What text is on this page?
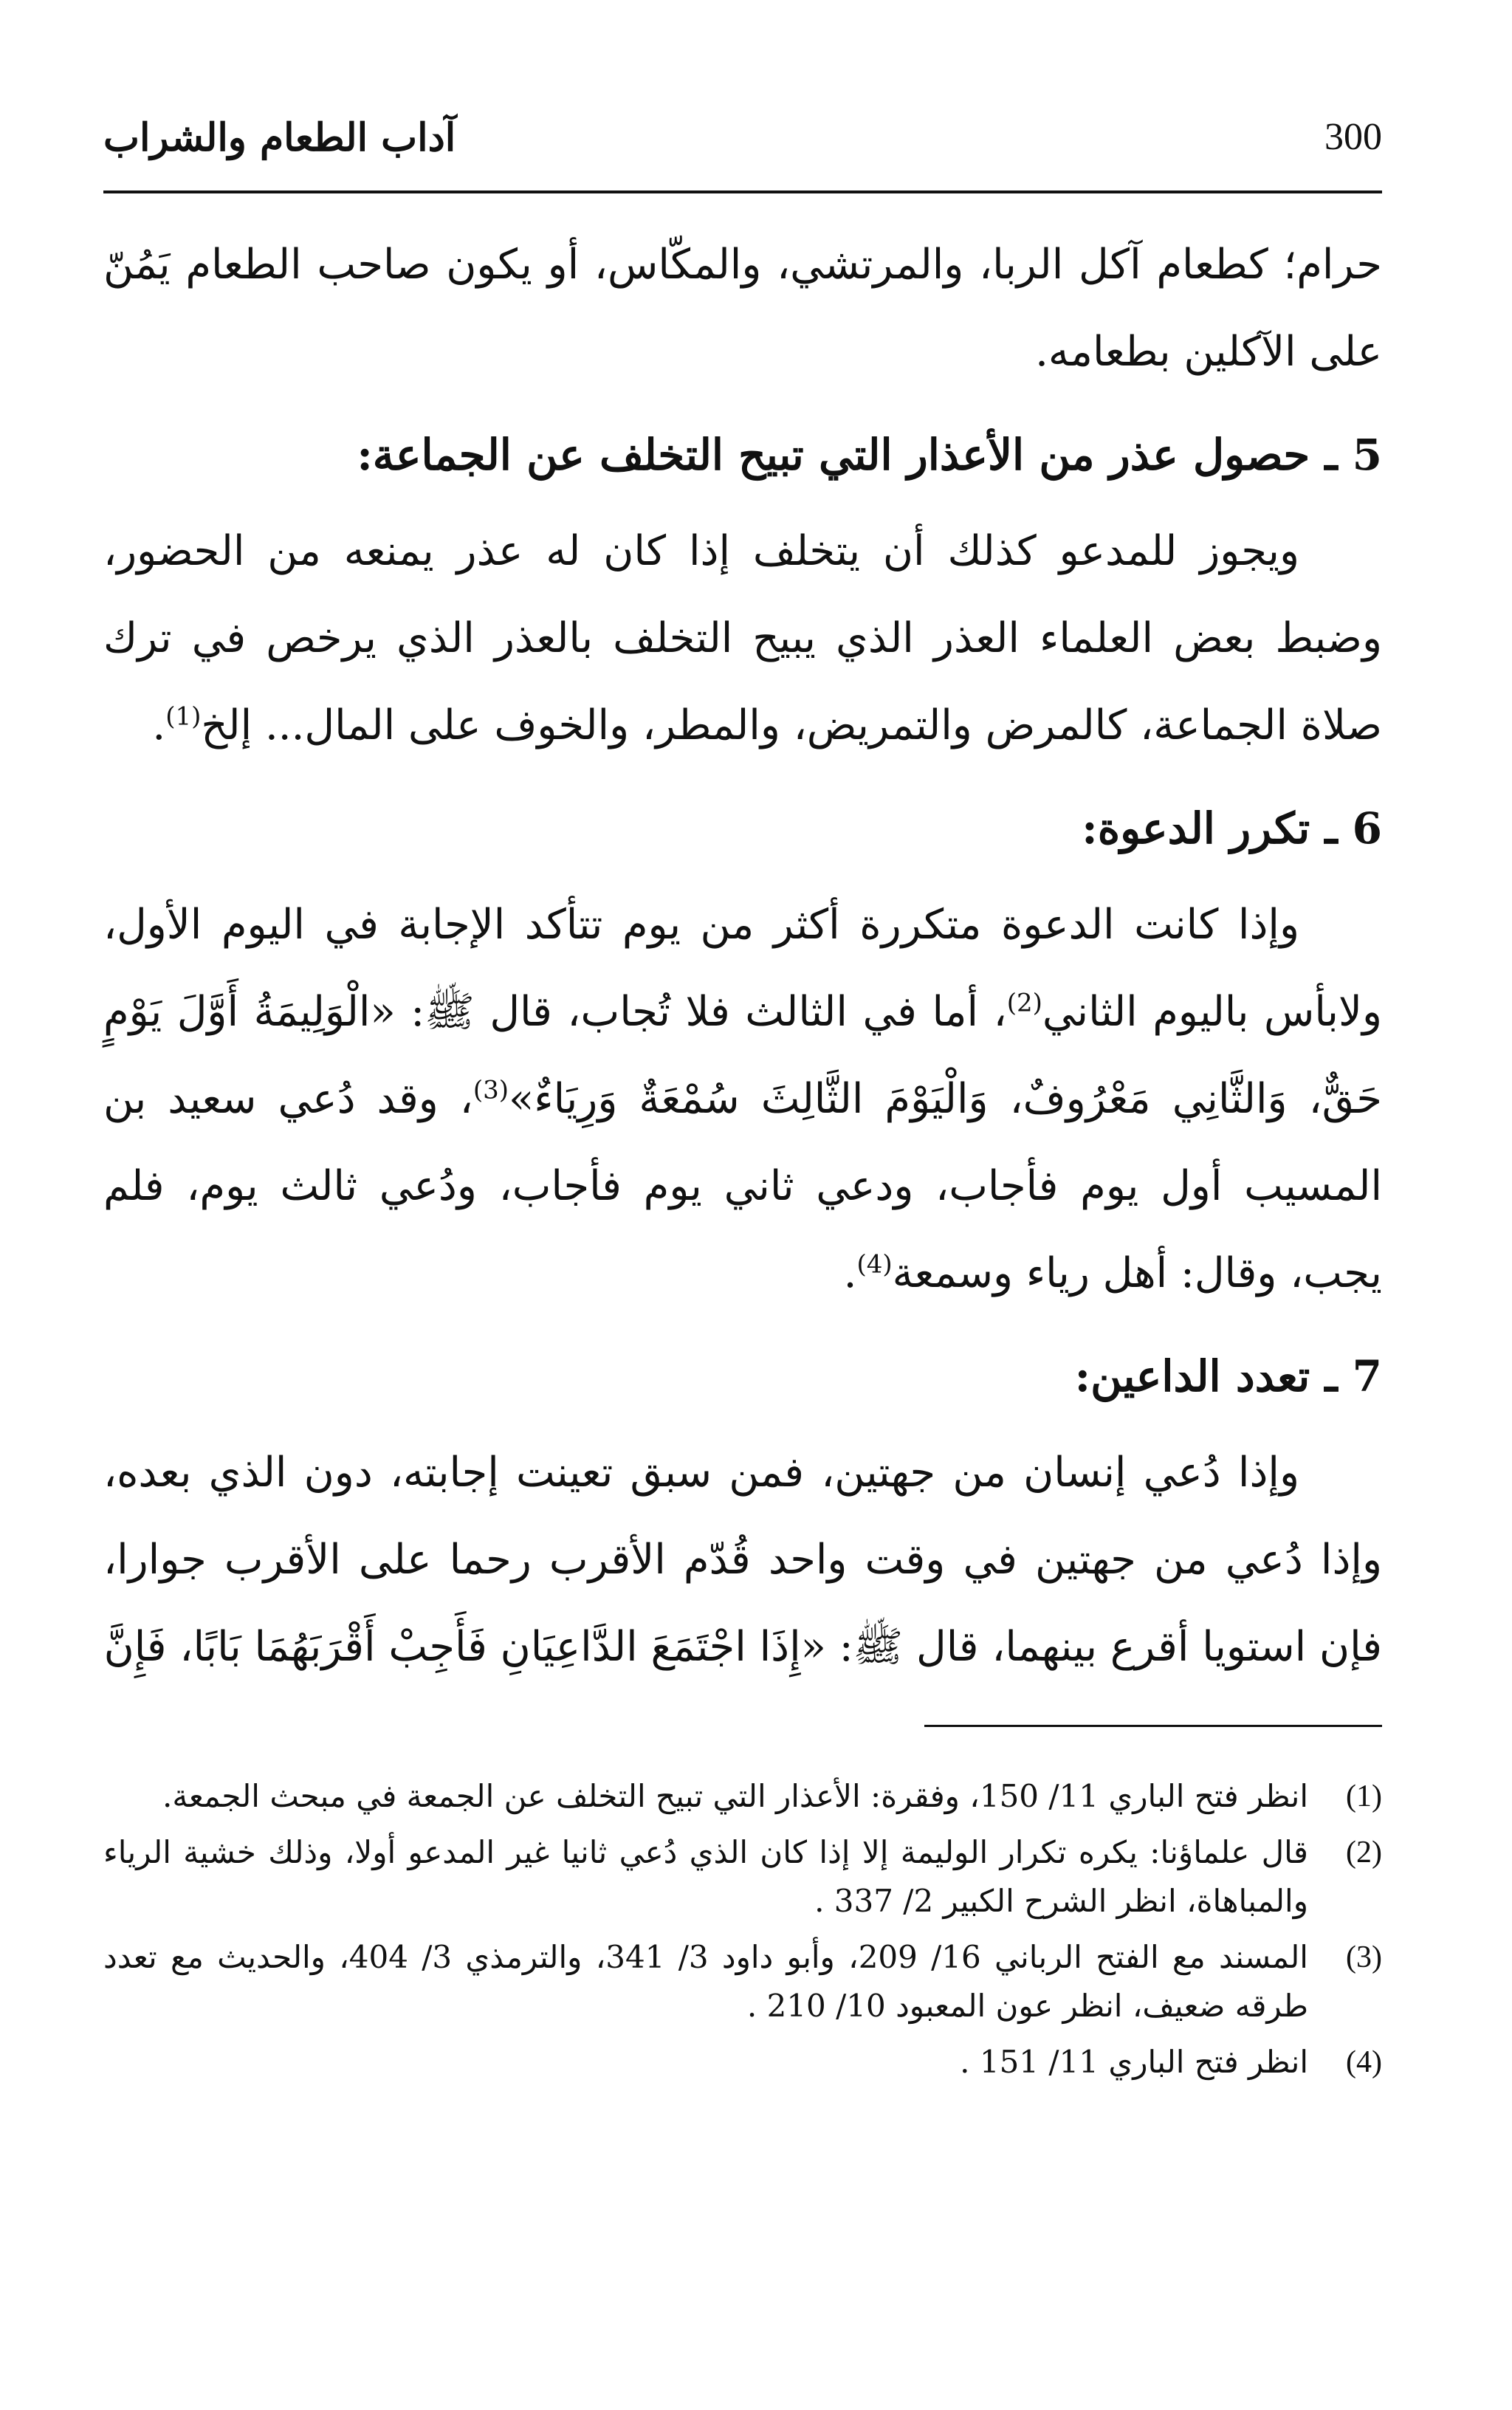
300
آداب الطعام والشراب

حرام؛ كطعام آكل الربا، والمرتشي، والمكّاس، أو يكون صاحب الطعام يَمُنّ على الآكلين بطعامه.

5 ـ حصول عذر من الأعذار التي تبيح التخلف عن الجماعة:

ويجوز للمدعو كذلك أن يتخلف إذا كان له عذر يمنعه من الحضور، وضبط بعض العلماء العذر الذي يبيح التخلف بالعذر الذي يرخص في ترك صلاة الجماعة، كالمرض والتمريض، والمطر، والخوف على المال... إلخ$^{(1)}$.

6 ـ تكرر الدعوة:

وإذا كانت الدعوة متكررة أكثر من يوم تتأكد الإجابة في اليوم الأول، ولابأس باليوم الثاني$^{(2)}$، أما في الثالث فلا تُجاب، قال ﷺ: «الْوَلِيمَةُ أَوَّلَ يَوْمٍ حَقٌّ، وَالثَّانِي مَعْرُوفٌ، وَالْيَوْمَ الثَّالِثَ سُمْعَةٌ وَرِيَاءٌ»$^{(3)}$، وقد دُعي سعيد بن المسيب أول يوم فأجاب، ودعي ثاني يوم فأجاب، ودُعي ثالث يوم، فلم يجب، وقال: أهل رياء وسمعة$^{(4)}$.

7 ـ تعدد الداعين:

وإذا دُعي إنسان من جهتين، فمن سبق تعينت إجابته، دون الذي بعده، وإذا دُعي من جهتين في وقت واحد قُدّم الأقرب رحما على الأقرب جوارا، فإن استويا أقرع بينهما، قال ﷺ: «إِذَا اجْتَمَعَ الدَّاعِيَانِ فَأَجِبْ أَقْرَبَهُمَا بَابًا، فَإِنَّ

(1)
انظر فتح الباري 11/ 150، وفقرة: الأعذار التي تبيح التخلف عن الجمعة في مبحث الجمعة.
(2)
قال علماؤنا: يكره تكرار الوليمة إلا إذا كان الذي دُعي ثانيا غير المدعو أولا، وذلك خشية الرياء والمباهاة، انظر الشرح الكبير 2/ 337 .
(3)
المسند مع الفتح الرباني 16/ 209، وأبو داود 3/ 341، والترمذي 3/ 404، والحديث مع تعدد طرقه ضعيف، انظر عون المعبود 10/ 210 .
(4)
انظر فتح الباري 11/ 151 .
